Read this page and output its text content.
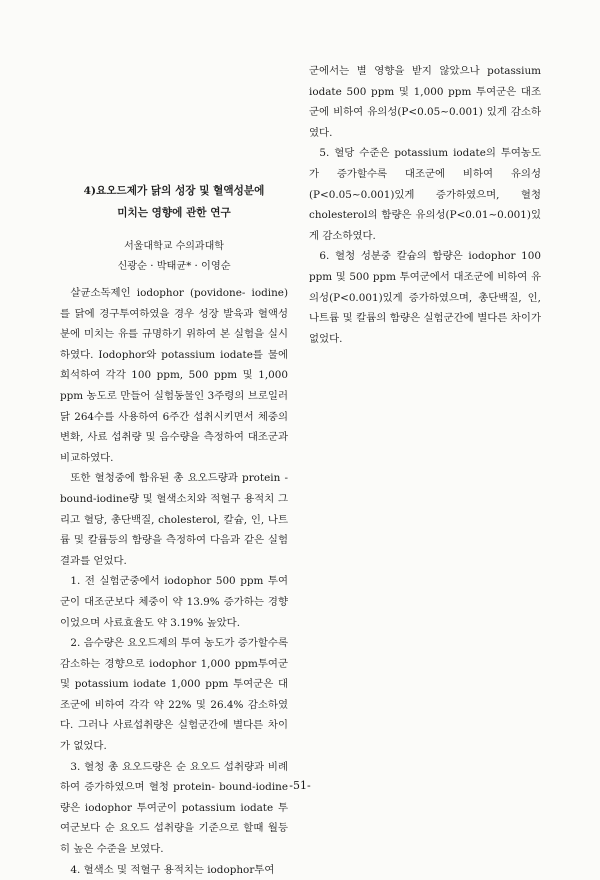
4)요오드제가 닭의 성장 및 혈액성분에
미치는 영향에 관한 연구
서울대학교 수의과대학
신광순 · 박태균* · 이영순

살균소독제인 iodophor (povidone- iodine)를 닭에 경구투여하였을 경우 성장 발육과 혈액성분에 미치는 유를 규명하기 위하여 본 실험을 실시하였다. Iodophor와 potassium iodate를 물에 희석하여 각각 100 ppm, 500 ppm 및 1,000 ppm 농도로 만들어 실험동물인 3주령의 브로일러 닭 264수를 사용하여 6주간 섭취시키면서 체중의 변화, 사료 섭취량 및 음수량을 측정하여 대조군과 비교하였다.

또한 혈청중에 함유된 총 요오드량과 protein -bound-iodine량 및 혈색소치와 적혈구 용적치 그리고 혈당, 총단백질, cholesterol, 칼슘, 인, 나트륨 및 칼륨등의 함량을 측정하여 다음과 같은 실험결과를 얻었다.

1. 전 실험군중에서 iodophor 500 ppm 투여군이 대조군보다 체중이 약 13.9% 증가하는 경향이었으며 사료효율도 약 3.19% 높았다.

2. 음수량은 요오드제의 투여 농도가 증가할수록 감소하는 경향으로 iodophor 1,000 ppm투여군 및 potassium iodate 1,000 ppm 투여군은 대조군에 비하여 각각 약 22% 및 26.4% 감소하였다. 그러나 사료섭취량은 실험군간에 별다른 차이가 없었다.

3. 혈청 총 요오드량은 순 요오드 섭취량과 비례하여 증가하였으며 혈청 protein- bound-iodine량은 iodophor 투여군이 potassium iodate 투여군보다 순 요오드 섭취량을 기준으로 할때 월등히 높은 수준을 보였다.

4. 혈색소 및 적혈구 용적치는 iodophor투여

군에서는 별 영향을 받지 않았으나 potassium iodate 500 ppm 및 1,000 ppm 투여군은 대조군에 비하여 유의성(P<0.05∼0.001) 있게 감소하였다.

5. 혈당 수준은 potassium iodate의 투여농도가 증가할수록 대조군에 비하여 유의성(P<0.05∼0.001)있게 증가하였으며, 혈청 cholesterol의 함량은 유의성(P<0.01∼0.001)있게 감소하였다.

6. 혈청 성분중 칼슘의 함량은 iodophor 100 ppm 및 500 ppm 투여군에서 대조군에 비하여 유의성(P<0.001)있게 증가하였으며, 총단백질, 인, 나트륨 및 칼륨의 함량은 실험군간에 별다른 차이가 없었다.

-51-
